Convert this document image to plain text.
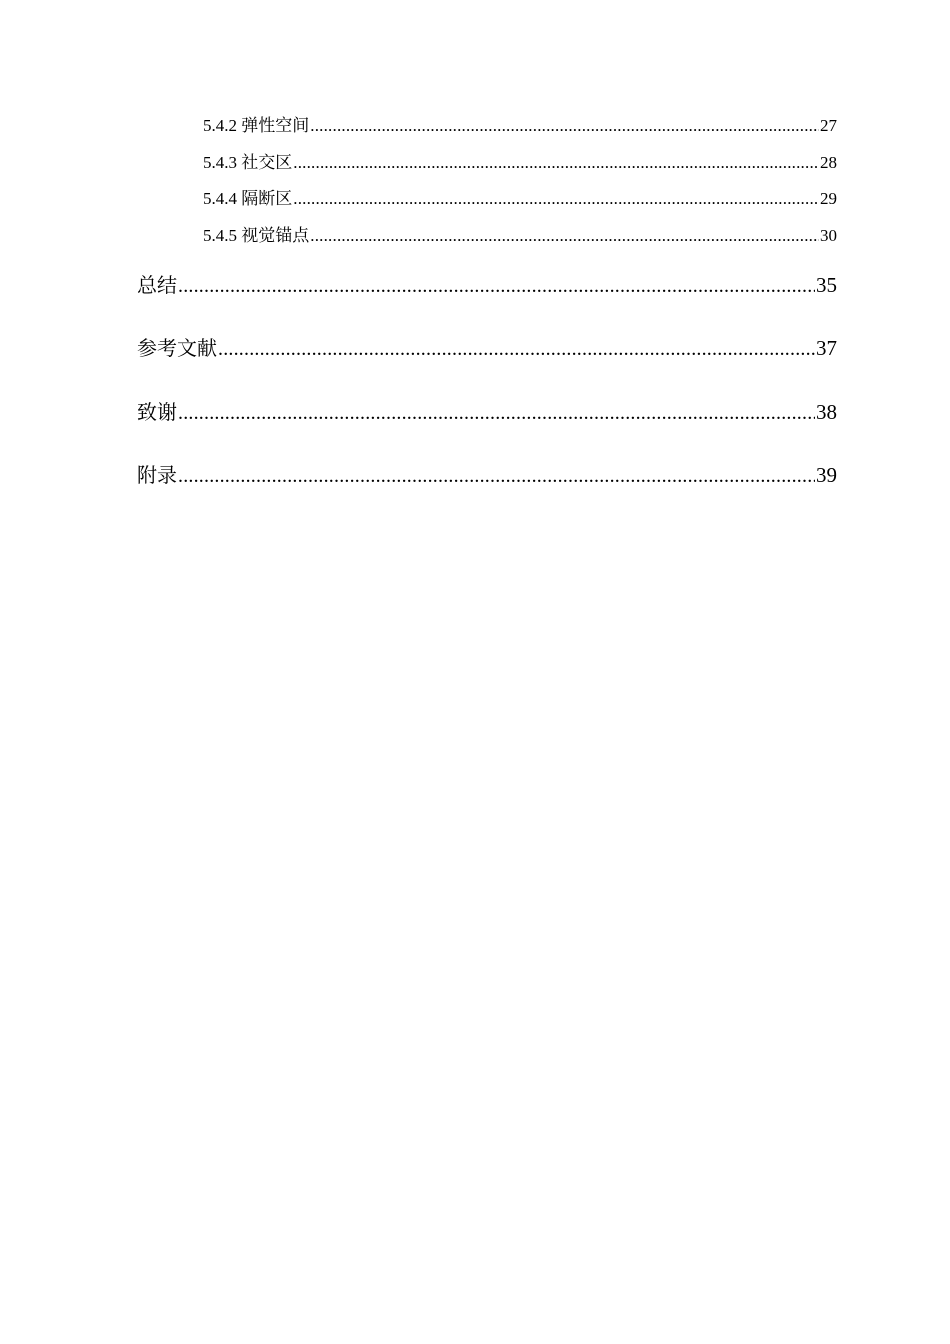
5.4.2 弹性空间 .....	27
5.4.3 社交区 .....	28
5.4.4 隔断区 .....	29
5.4.5 视觉锚点 .....	30
总结 .....	35
参考文献 .....	37
致谢 .....	38
附录 .....	39
